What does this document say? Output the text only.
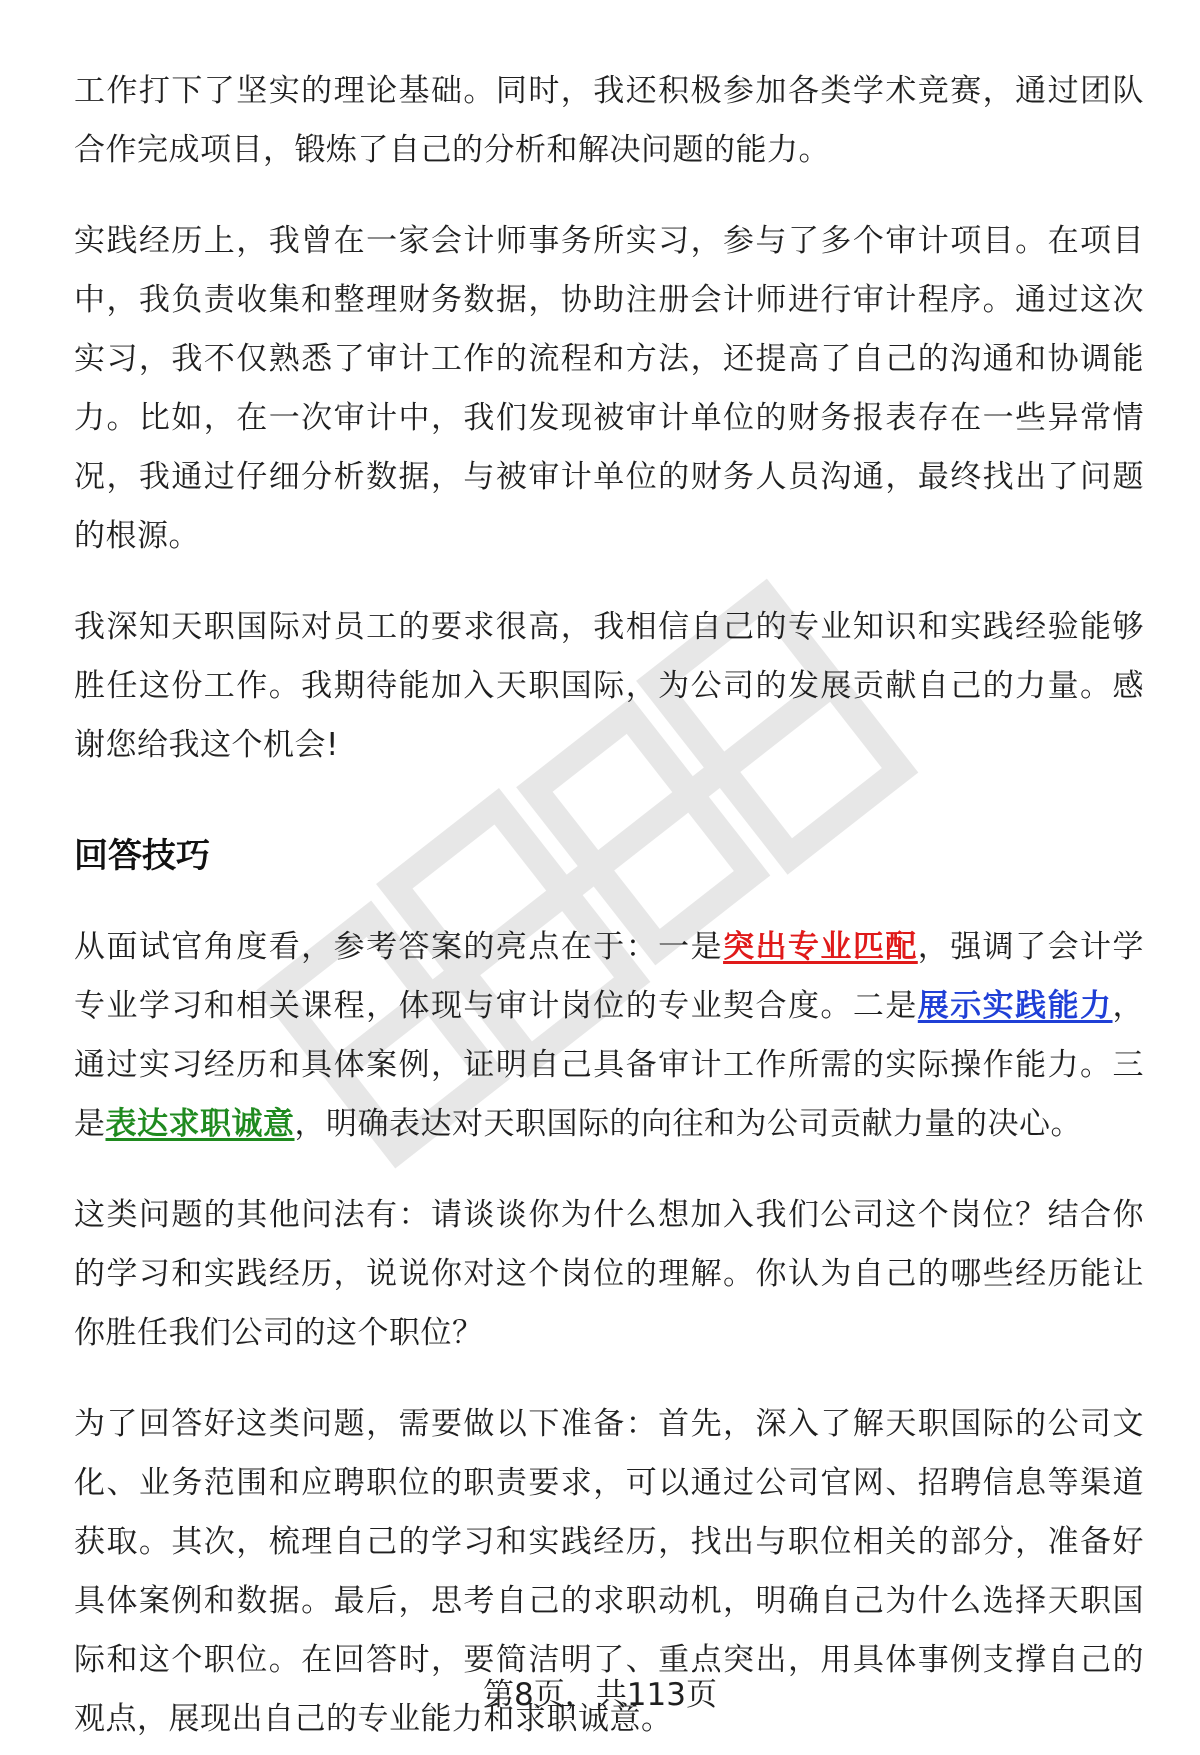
工作打下了坚实的理论基础。同时，我还积极参加各类学术竞赛，通过团队合作完成项目，锻炼了自己的分析和解决问题的能力。

实践经历上，我曾在一家会计师事务所实习，参与了多个审计项目。在项目中，我负责收集和整理财务数据，协助注册会计师进行审计程序。通过这次实习，我不仅熟悉了审计工作的流程和方法，还提高了自己的沟通和协调能力。比如，在一次审计中，我们发现被审计单位的财务报表存在一些异常情况，我通过仔细分析数据，与被审计单位的财务人员沟通，最终找出了问题的根源。

我深知天职国际对员工的要求很高，我相信自己的专业知识和实践经验能够胜任这份工作。我期待能加入天职国际，为公司的发展贡献自己的力量。感谢您给我这个机会!

回答技巧

从面试官角度看，参考答案的亮点在于：一是突出专业匹配，强调了会计学专业学习和相关课程，体现与审计岗位的专业契合度。二是展示实践能力，通过实习经历和具体案例，证明自己具备审计工作所需的实际操作能力。三是表达求职诚意，明确表达对天职国际的向往和为公司贡献力量的决心。

这类问题的其他问法有：请谈谈你为什么想加入我们公司这个岗位？结合你的学习和实践经历，说说你对这个岗位的理解。你认为自己的哪些经历能让你胜任我们公司的这个职位？

为了回答好这类问题，需要做以下准备：首先，深入了解天职国际的公司文化、业务范围和应聘职位的职责要求，可以通过公司官网、招聘信息等渠道获取。其次，梳理自己的学习和实践经历，找出与职位相关的部分，准备好具体案例和数据。最后，思考自己的求职动机，明确自己为什么选择天职国际和这个职位。在回答时，要简洁明了、重点突出，用具体事例支撑自己的观点，展现出自己的专业能力和求职诚意。

第8页，共113页
